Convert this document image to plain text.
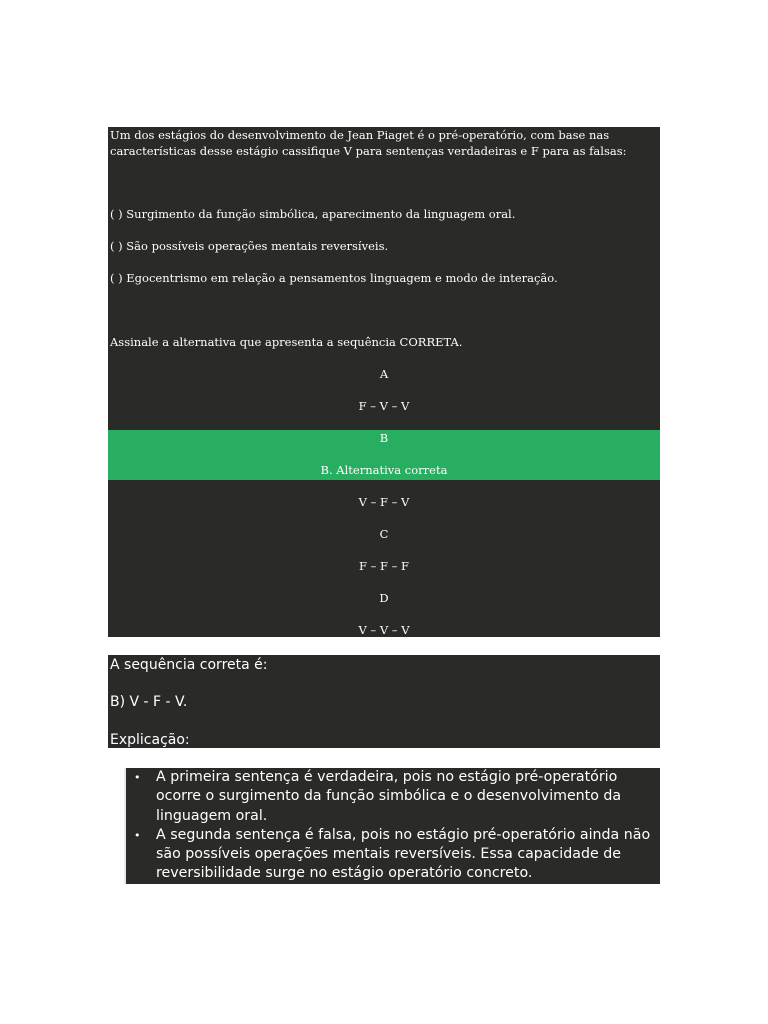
Um dos estágios do desenvolvimento de Jean Piaget é o pré-operatório, com base nas características desse estágio cassifique V para sentenças verdadeiras e F para as falsas:
( ) Surgimento da função simbólica, aparecimento da linguagem oral.
( ) São possíveis operações mentais reversíveis.
( ) Egocentrismo em relação a pensamentos linguagem e modo de interação.
Assinale a alternativa que apresenta a sequência CORRETA.
A
F – V – V
B
B. Alternativa correta
V – F – V
C
F – F – F
D
V – V – V
A sequência correta é:
B) V - F - V.
Explicação:
• A primeira sentença é verdadeira, pois no estágio pré-operatório ocorre o surgimento da função simbólica e o desenvolvimento da linguagem oral.
• A segunda sentença é falsa, pois no estágio pré-operatório ainda não são possíveis operações mentais reversíveis. Essa capacidade de reversibilidade surge no estágio operatório concreto.
